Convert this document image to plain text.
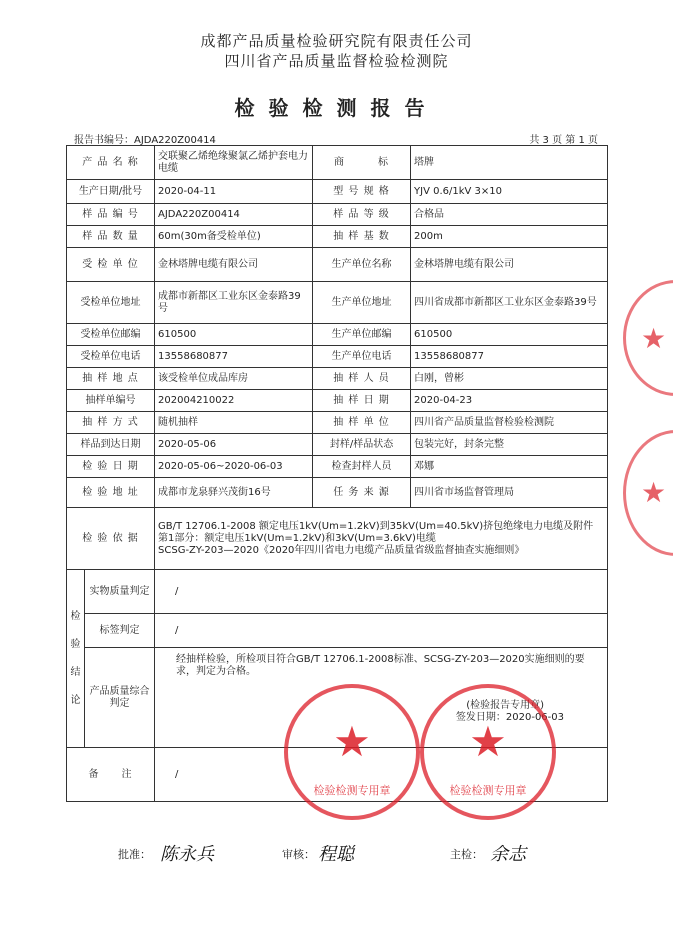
成都产品质量检验研究院有限责任公司
四川省产品质量监督检验检测院
检验检测报告
报告书编号：AJDA220Z00414	共 3 页 第 1 页
产 品 名 称		交联聚乙烯绝缘聚氯乙烯护套电力电缆	商　　　标	塔牌
生产日期/批号		2020-04-11	型 号 规 格	YJV 0.6/1kV 3×10
样 品 编 号		AJDA220Z00414	样 品 等 级	合格品
样 品 数 量		60m(30m备受检单位)	抽 样 基 数	200m
受 检 单 位		金林塔牌电缆有限公司	生产单位名称	金林塔牌电缆有限公司
受检单位地址		成都市新都区工业东区金泰路39号	生产单位地址	四川省成都市新都区工业东区金泰路39号
受检单位邮编		610500	生产单位邮编	610500
受检单位电话		13558680877	生产单位电话	13558680877
抽 样 地 点		该受检单位成品库房	抽 样 人 员	白刚，曾彬
抽样单编号		202004210022	抽 样 日 期	2020-04-23
抽 样 方 式		随机抽样	抽 样 单 位	四川省产品质量监督检验检测院
样品到达日期		2020-05-06	封样/样品状态	包装完好，封条完整
检 验 日 期		2020-05-06~2020-06-03	检查封样人员	邓娜
检 验 地 址		成都市龙泉驿兴茂街16号	任 务 来 源	四川省市场监督管理局
检 验 依 据		GB/T 12706.1-2008 额定电压1kV(Um=1.2kV)到35kV(Um=40.5kV)挤包绝缘电力电缆及附件
第1部分：额定电压1kV(Um=1.2kV)和3kV(Um=3.6kV)电缆
SCSG-ZY-203—2020《2020年四川省电力电缆产品质量省级监督抽查实施细则》		

检 验 结 论	实物质量判定	/		
	标签判定	/		
	产品质量综合判定	经抽样检验，所检项目符合GB/T 12706.1-2008标准、SCSG-ZY-203—2020实施细则的要求，判定为合格。
(检验报告专用章)
签发日期：2020-06-03		

备　　注		/		
★
检验检测专用章
★
检验检测专用章
★
★
批准： 陈永兵	审核： 程聪	主检： 余志
